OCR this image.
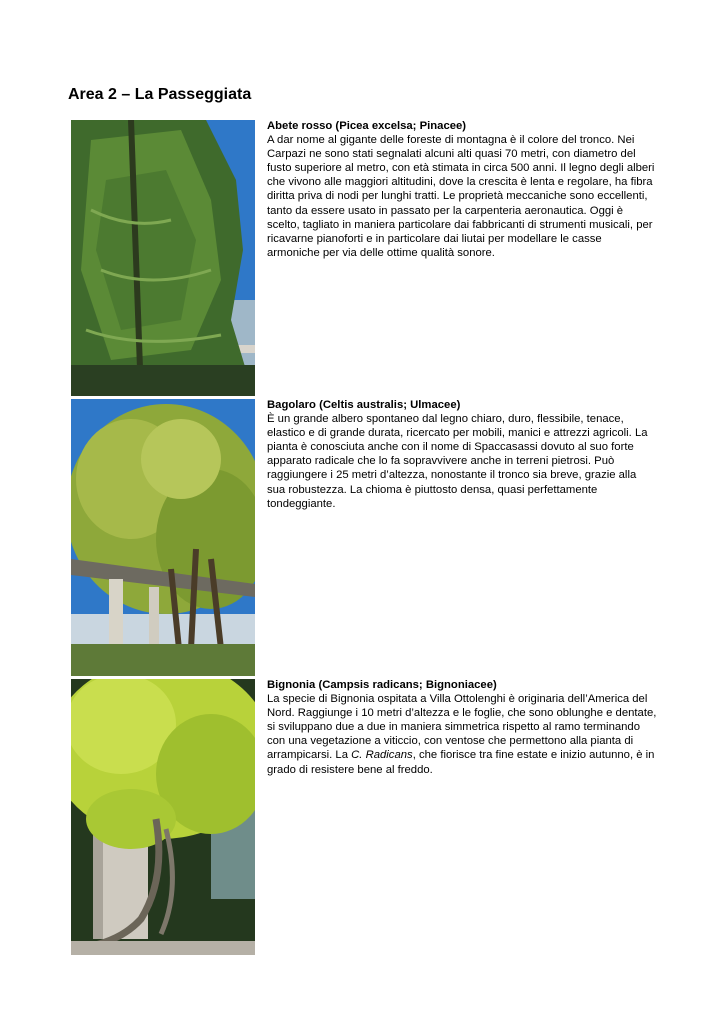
Area 2 – La Passeggiata
Abete rosso (Picea excelsa; Pinacee)

A dar nome al gigante delle foreste di montagna è il colore del tronco. Nei Carpazi ne sono stati segnalati alcuni alti quasi 70 metri, con diametro del fusto superiore al metro, con età stimata in circa 500 anni. Il legno degli alberi che vivono alle maggiori altitudini, dove la crescita è lenta e regolare, ha fibra diritta priva di nodi per lunghi tratti. Le proprietà meccaniche sono eccellenti, tanto da essere usato in passato per la carpenteria aeronautica. Oggi è scelto, tagliato in maniera particolare dai fabbricanti di strumenti musicali, per ricavarne pianoforti e in particolare dai liutai per modellare le casse armoniche per via delle ottime qualità sonore.

Bagolaro (Celtis australis; Ulmacee)

È un grande albero spontaneo dal legno chiaro, duro, flessibile, tenace, elastico e di grande durata, ricercato per mobili, manici e attrezzi agricoli. La pianta è conosciuta anche con il nome di Spaccasassi dovuto al suo forte apparato radicale che lo fa sopravvivere anche in terreni pietrosi. Può raggiungere i 25 metri d’altezza, nonostante il tronco sia breve, grazie alla sua robustezza. La chioma è piuttosto densa, quasi perfettamente tondeggiante.

Bignonia (Campsis radicans; Bignoniacee)

La specie di Bignonia ospitata a Villa Ottolenghi è originaria dell’America del Nord. Raggiunge i 10 metri d’altezza e le foglie, che sono oblunghe e dentate, si sviluppano due a due in maniera simmetrica rispetto al ramo terminando con una vegetazione a viticcio, con ventose che permettono alla pianta di arrampicarsi. La C. Radicans, che fiorisce tra fine estate e inizio autunno, è in grado di resistere bene al freddo.
